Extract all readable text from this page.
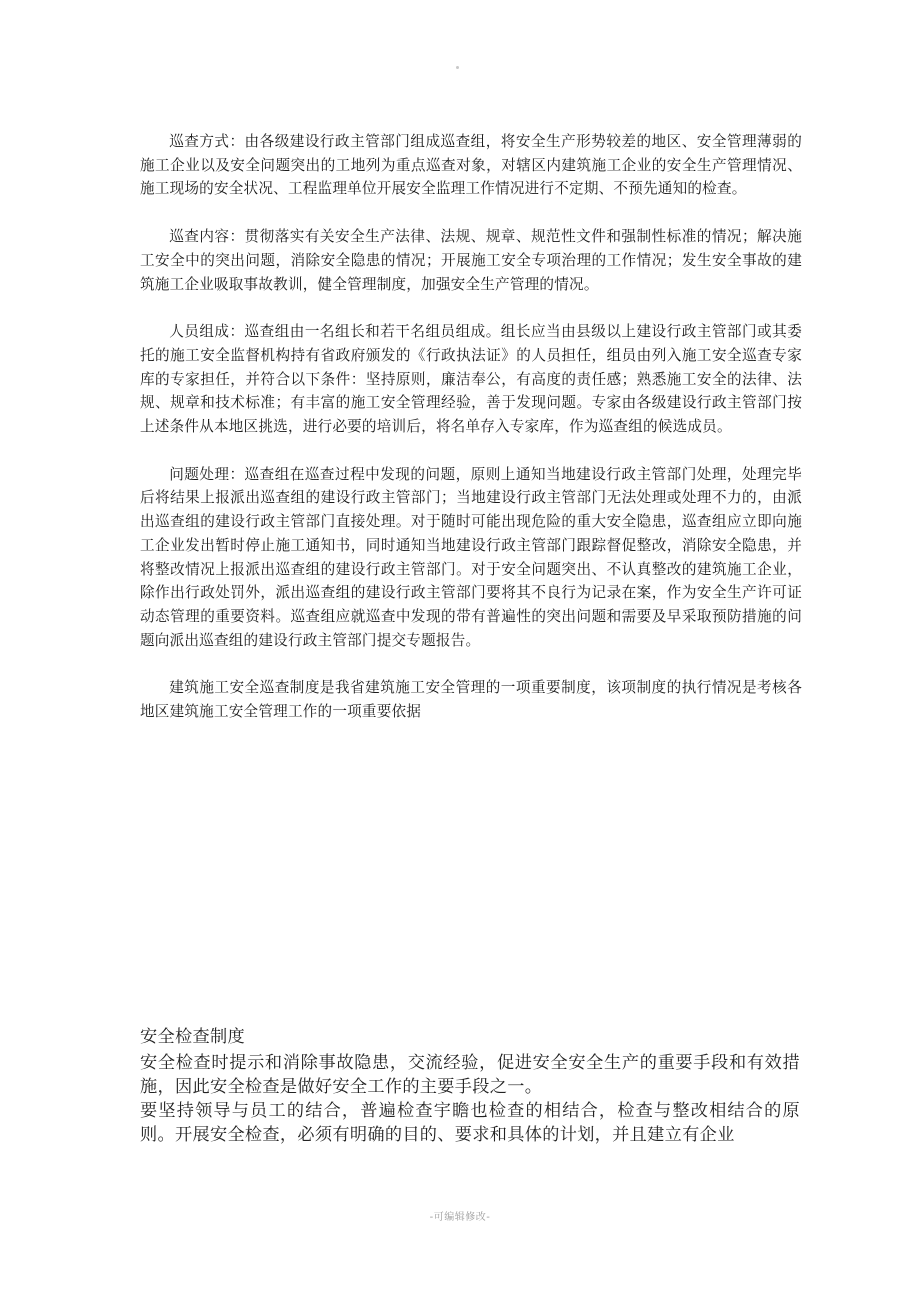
巡查方式：由各级建设行政主管部门组成巡查组，将安全生产形势较差的地区、安全管理薄弱的施工企业以及安全问题突出的工地列为重点巡查对象，对辖区内建筑施工企业的安全生产管理情况、施工现场的安全状况、工程监理单位开展安全监理工作情况进行不定期、不预先通知的检查。

巡查内容：贯彻落实有关安全生产法律、法规、规章、规范性文件和强制性标准的情况；解决施工安全中的突出问题，消除安全隐患的情况；开展施工安全专项治理的工作情况；发生安全事故的建筑施工企业吸取事故教训，健全管理制度，加强安全生产管理的情况。

人员组成：巡查组由一名组长和若干名组员组成。组长应当由县级以上建设行政主管部门或其委托的施工安全监督机构持有省政府颁发的《行政执法证》的人员担任，组员由列入施工安全巡查专家库的专家担任，并符合以下条件：坚持原则，廉洁奉公，有高度的责任感；熟悉施工安全的法律、法规、规章和技术标准；有丰富的施工安全管理经验，善于发现问题。专家由各级建设行政主管部门按上述条件从本地区挑选，进行必要的培训后，将名单存入专家库，作为巡查组的候选成员。

问题处理：巡查组在巡查过程中发现的问题，原则上通知当地建设行政主管部门处理，处理完毕后将结果上报派出巡查组的建设行政主管部门；当地建设行政主管部门无法处理或处理不力的，由派出巡查组的建设行政主管部门直接处理。对于随时可能出现危险的重大安全隐患，巡查组应立即向施工企业发出暂时停止施工通知书，同时通知当地建设行政主管部门跟踪督促整改，消除安全隐患，并将整改情况上报派出巡查组的建设行政主管部门。对于安全问题突出、不认真整改的建筑施工企业，除作出行政处罚外，派出巡查组的建设行政主管部门要将其不良行为记录在案，作为安全生产许可证动态管理的重要资料。巡查组应就巡查中发现的带有普遍性的突出问题和需要及早采取预防措施的问题向派出巡查组的建设行政主管部门提交专题报告。

建筑施工安全巡查制度是我省建筑施工安全管理的一项重要制度，该项制度的执行情况是考核各地区建筑施工安全管理工作的一项重要依据

安全检查制度

安全检查时提示和消除事故隐患，交流经验，促进安全安全生产的重要手段和有效措施，因此安全检查是做好安全工作的主要手段之一。

要坚持领导与员工的结合，普遍检查宇瞻也检查的相结合，检查与整改相结合的原则。开展安全检查，必须有明确的目的、要求和具体的计划，并且建立有企业

-可编辑修改-
